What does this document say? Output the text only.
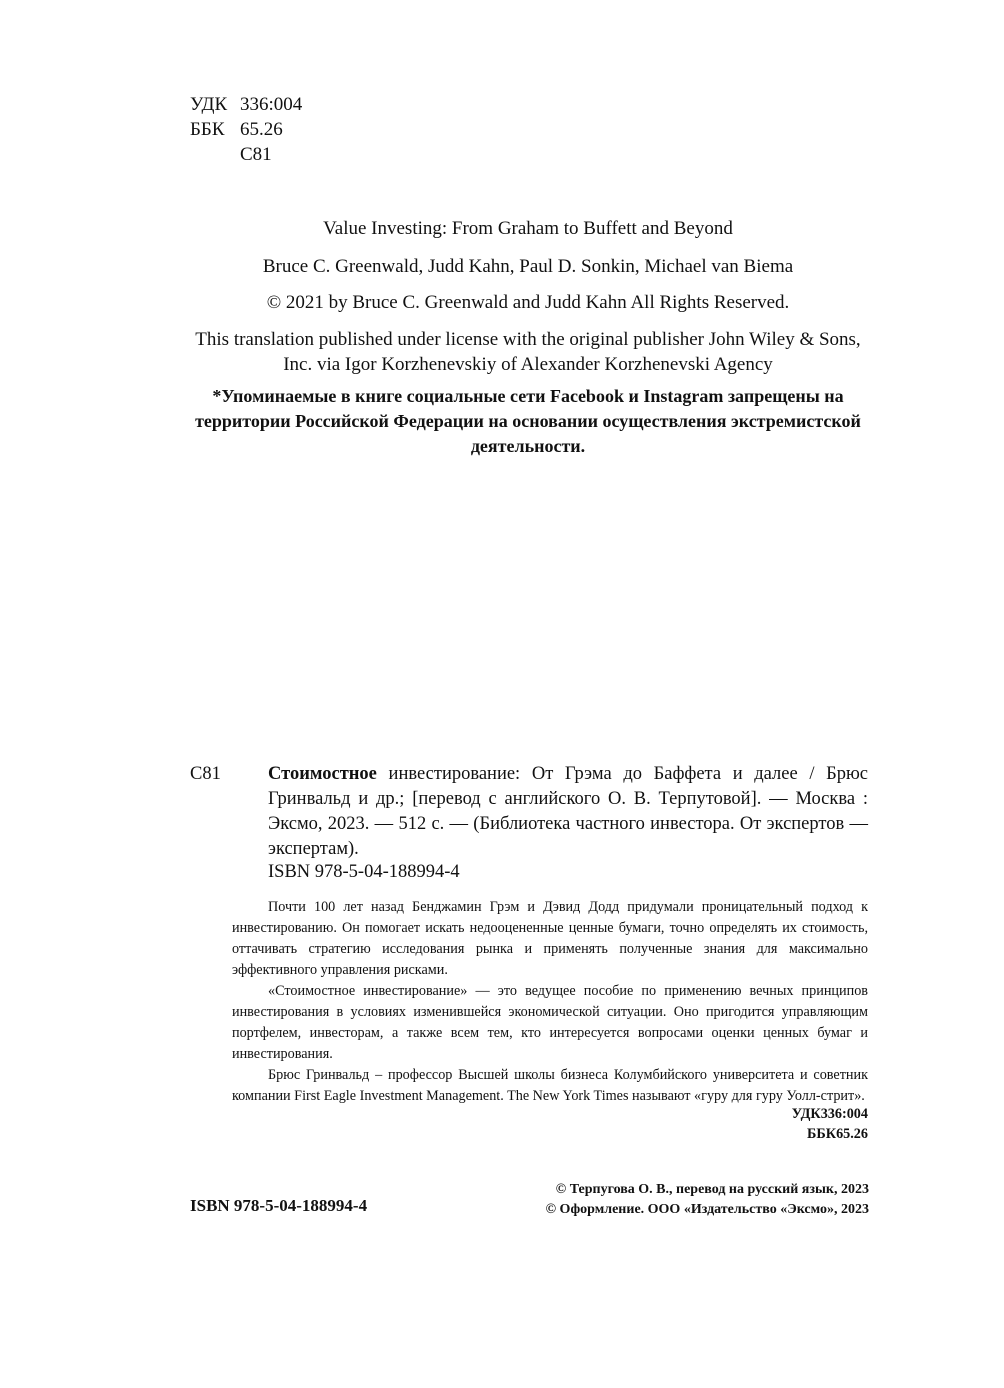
УДК 336:004
ББК 65.26
С81
Value Investing: From Graham to Buffett and Beyond
Bruce C. Greenwald, Judd Kahn, Paul D. Sonkin, Michael van Biema
© 2021 by Bruce C. Greenwald and Judd Kahn All Rights Reserved.
This translation published under license with the original publisher John Wiley & Sons, Inc. via Igor Korzhenevskiy of Alexander Korzhenevski Agency
*Упоминаемые в книге социальные сети Facebook и Instagram запрещены на территории Российской Федерации на основании осуществления экстремистской деятельности.
С81	Стоимостное инвестирование: От Грэма до Баффета и далее / Брюс Гринвальд и др.; [перевод с английского О. В. Терпутовой]. — Москва : Эксмо, 2023. — 512 с. — (Библиотека частного инвестора. От экспертов — экспертам).
ISBN 978-5-04-188994-4

Почти 100 лет назад Бенджамин Грэм и Дэвид Додд придумали проницательный подход к инвестированию. Он помогает искать недооцененные ценные бумаги, точно определять их стоимость, оттачивать стратегию исследования рынка и применять полученные знания для максимально эффективного управления рисками.

«Стоимостное инвестирование» — это ведущее пособие по применению вечных принципов инвестирования в условиях изменившейся экономической ситуации. Оно пригодится управляющим портфелем, инвесторам, а также всем тем, кто интересуется вопросами оценки ценных бумаг и инвестирования.

Брюс Гринвальд – профессор Высшей школы бизнеса Колумбийского университета и советник компании First Eagle Investment Management. The New York Times называют «гуру для гуру Уолл-стрит».

УДК336:004
ББК65.26
ISBN 978-5-04-188994-4
© Терпугова О. В., перевод на русский язык, 2023
© Оформление. ООО «Издательство «Эксмо», 2023
